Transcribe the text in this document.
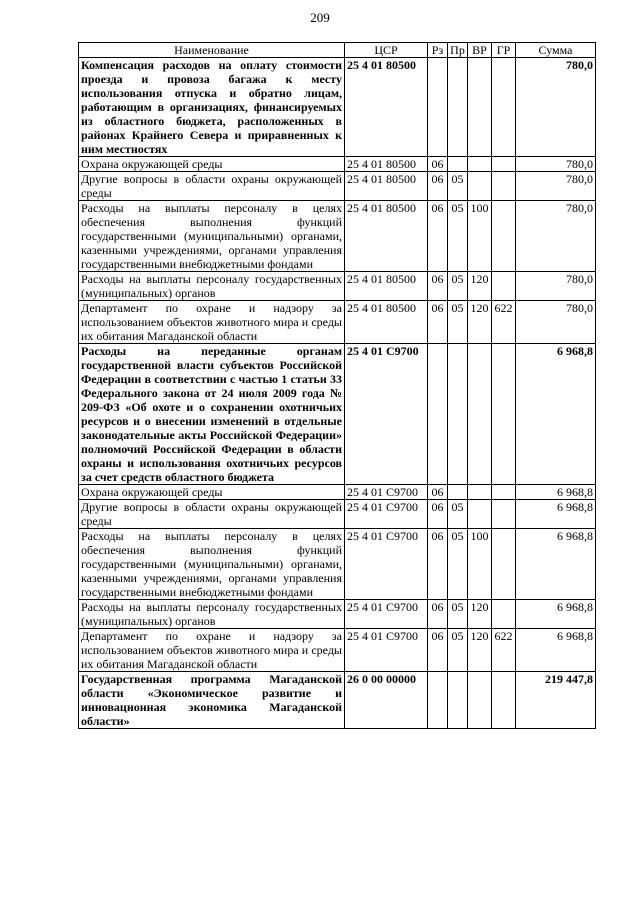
209
Наименование	ЦСР	Рз	Пр	ВР	ГР	Сумма
Компенсация расходов на оплату стоимости проезда и провоза багажа к месту использования отпуска и обратно лицам, работающим в организациях, финансируемых из областного бюджета, расположенных в районах Крайнего Севера и приравненных к ним местностях	25 4 01 80500					780,0
Охрана окружающей среды	25 4 01 80500	06				780,0
Другие вопросы в области охраны окружающей среды	25 4 01 80500	06	05			780,0
Расходы на выплаты персоналу в целях обеспечения выполнения функций государственными (муниципальными) органами, казенными учреждениями, органами управления государственными внебюджетными фондами	25 4 01 80500	06	05	100		780,0
Расходы на выплаты персоналу государственных (муниципальных) органов	25 4 01 80500	06	05	120		780,0
Департамент по охране и надзору за использованием объектов животного мира и среды их обитания Магаданской области	25 4 01 80500	06	05	120	622	780,0
Расходы на переданные органам государственной власти субъектов Российской Федерации в соответствии с частью 1 статьи 33 Федерального закона от 24 июля 2009 года № 209-ФЗ «Об охоте и о сохранении охотничьих ресурсов и о внесении изменений в отдельные законодательные акты Российской Федерации» полномочий Российской Федерации в области охраны и использования охотничьих ресурсов за счет средств областного бюджета	25 4 01 С9700					6 968,8
Охрана окружающей среды	25 4 01 С9700	06				6 968,8
Другие вопросы в области охраны окружающей среды	25 4 01 С9700	06	05			6 968,8
Расходы на выплаты персоналу в целях обеспечения выполнения функций государственными (муниципальными) органами, казенными учреждениями, органами управления государственными внебюджетными фондами	25 4 01 С9700	06	05	100		6 968,8
Расходы на выплаты персоналу государственных (муниципальных) органов	25 4 01 С9700	06	05	120		6 968,8
Департамент по охране и надзору за использованием объектов животного мира и среды их обитания Магаданской области	25 4 01 С9700	06	05	120	622	6 968,8
Государственная программа Магаданской области «Экономическое развитие и инновационная экономика Магаданской области»	26 0 00 00000					219 447,8
